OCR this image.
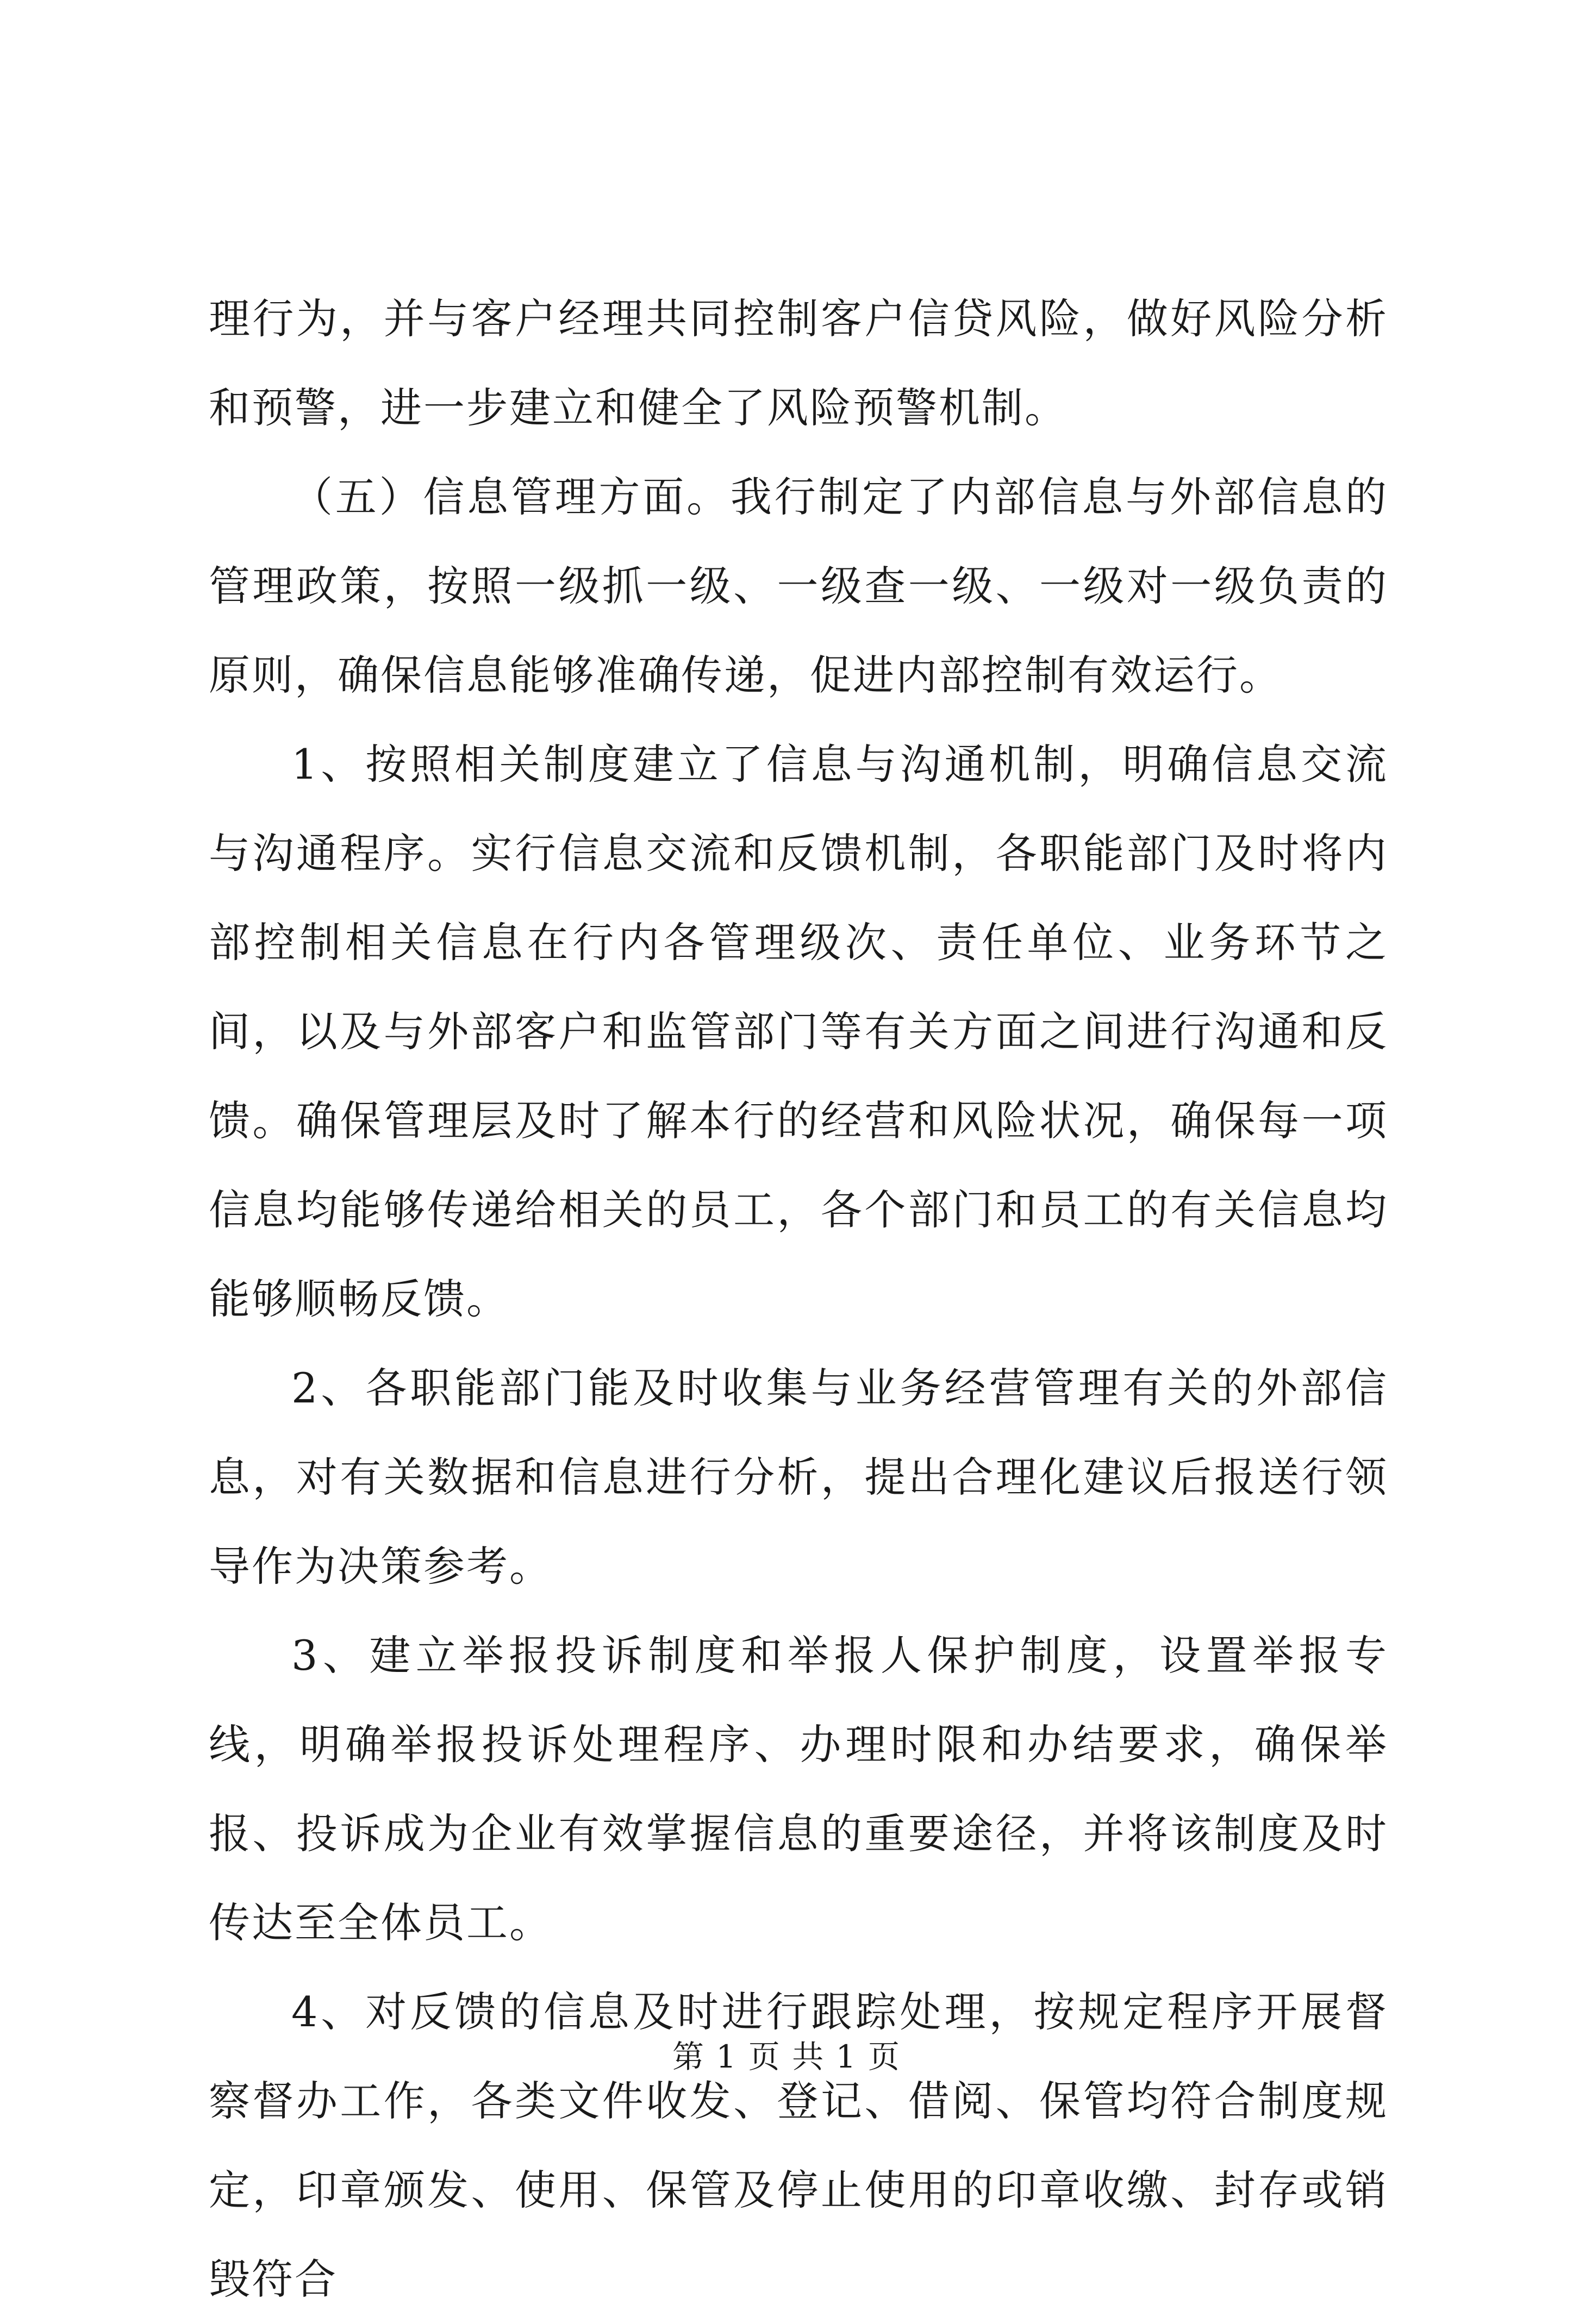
理行为，并与客户经理共同控制客户信贷风险，做好风险分析和预警，进一步建立和健全了风险预警机制。

（五）信息管理方面。我行制定了内部信息与外部信息的管理政策，按照一级抓一级、一级查一级、一级对一级负责的原则，确保信息能够准确传递，促进内部控制有效运行。

1、按照相关制度建立了信息与沟通机制，明确信息交流与沟通程序。实行信息交流和反馈机制，各职能部门及时将内部控制相关信息在行内各管理级次、责任单位、业务环节之间，以及与外部客户和监管部门等有关方面之间进行沟通和反馈。确保管理层及时了解本行的经营和风险状况，确保每一项信息均能够传递给相关的员工，各个部门和员工的有关信息均能够顺畅反馈。

2、各职能部门能及时收集与业务经营管理有关的外部信息，对有关数据和信息进行分析，提出合理化建议后报送行领导作为决策参考。

3、建立举报投诉制度和举报人保护制度，设置举报专线，明确举报投诉处理程序、办理时限和办结要求，确保举报、投诉成为企业有效掌握信息的重要途径，并将该制度及时传达至全体员工。

4、对反馈的信息及时进行跟踪处理，按规定程序开展督察督办工作，各类文件收发、登记、借阅、保管均符合制度规定，印章颁发、使用、保管及停止使用的印章收缴、封存或销毁符合

第 1 页 共 1 页
